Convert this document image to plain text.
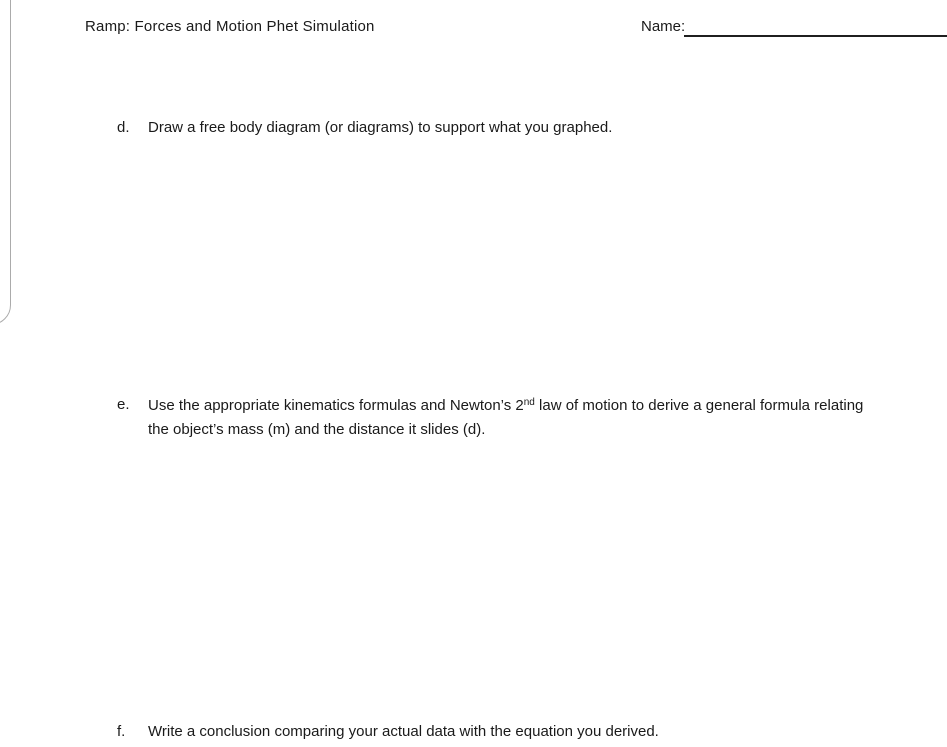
Ramp: Forces and Motion Phet Simulation	Name:
d. Draw a free body diagram (or diagrams) to support what you graphed.
e. Use the appropriate kinematics formulas and Newton’s 2nd law of motion to derive a general formula relating
the object’s mass (m) and the distance it slides (d).
f. Write a conclusion comparing your actual data with the equation you derived.
